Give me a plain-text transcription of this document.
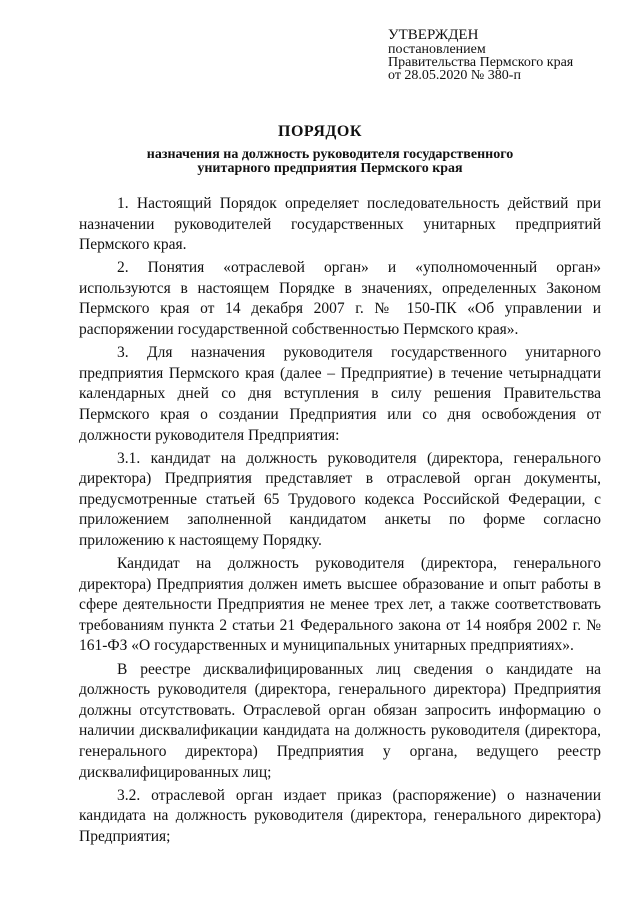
УТВЕРЖДЕН
постановлением
Правительства Пермского края
от 28.05.2020 № 380-п
ПОРЯДОК
назначения на должность руководителя государственного
унитарного предприятия Пермского края

1. Настоящий Порядок определяет последовательность действий при назначении руководителей государственных унитарных предприятий Пермского края.

2. Понятия «отраслевой орган» и «уполномоченный орган» используются в настоящем Порядке в значениях, определенных Законом Пермского края от 14 декабря 2007 г. № 150-ПК «Об управлении и распоряжении государственной собственностью Пермского края».

3. Для назначения руководителя государственного унитарного предприятия Пермского края (далее – Предприятие) в течение четырнадцати календарных дней со дня вступления в силу решения Правительства Пермского края о создании Предприятия или со дня освобождения от должности руководителя Предприятия:

3.1. кандидат на должность руководителя (директора, генерального директора) Предприятия представляет в отраслевой орган документы, предусмотренные статьей 65 Трудового кодекса Российской Федерации, с приложением заполненной кандидатом анкеты по форме согласно приложению к настоящему Порядку.

Кандидат на должность руководителя (директора, генерального директора) Предприятия должен иметь высшее образование и опыт работы в сфере деятельности Предприятия не менее трех лет, а также соответствовать требованиям пункта 2 статьи 21 Федерального закона от 14 ноября 2002 г. № 161-ФЗ «О государственных и муниципальных унитарных предприятиях».

В реестре дисквалифицированных лиц сведения о кандидате на должность руководителя (директора, генерального директора) Предприятия должны отсутствовать. Отраслевой орган обязан запросить информацию о наличии дисквалификации кандидата на должность руководителя (директора, генерального директора) Предприятия у органа, ведущего реестр дисквалифицированных лиц;

3.2. отраслевой орган издает приказ (распоряжение) о назначении кандидата на должность руководителя (директора, генерального директора) Предприятия;
